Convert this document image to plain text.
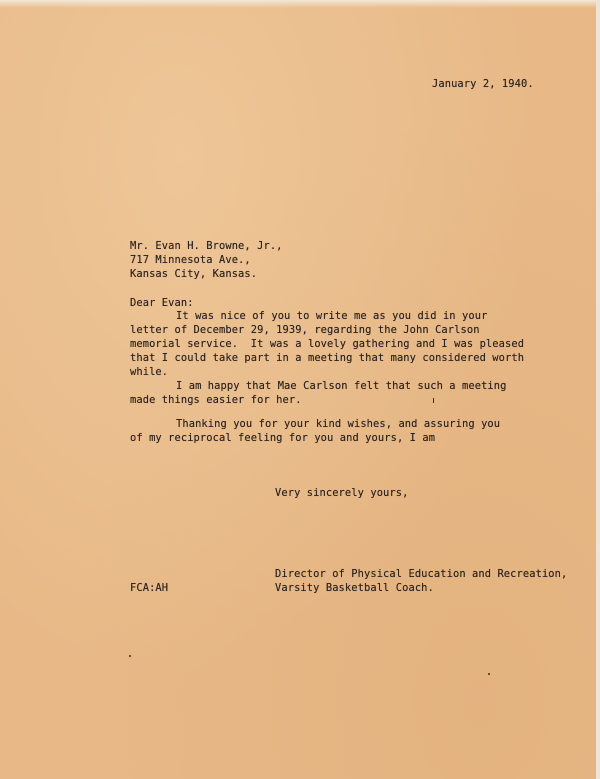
January 2, 1940.

Mr. Evan H. Browne, Jr.,

717 Minnesota Ave.,

Kansas City, Kansas.

Dear Evan:

It was nice of you to write me as you did in your

letter of December 29, 1939, regarding the John Carlson

memorial service.  It was a lovely gathering and I was pleased

that I could take part in a meeting that many considered worth

while.

I am happy that Mae Carlson felt that such a meeting

made things easier for her.

Thanking you for your kind wishes, and assuring you

of my reciprocal feeling for you and yours, I am

Very sincerely yours,

Director of Physical Education and Recreation,

Varsity Basketball Coach.

FCA:AH
